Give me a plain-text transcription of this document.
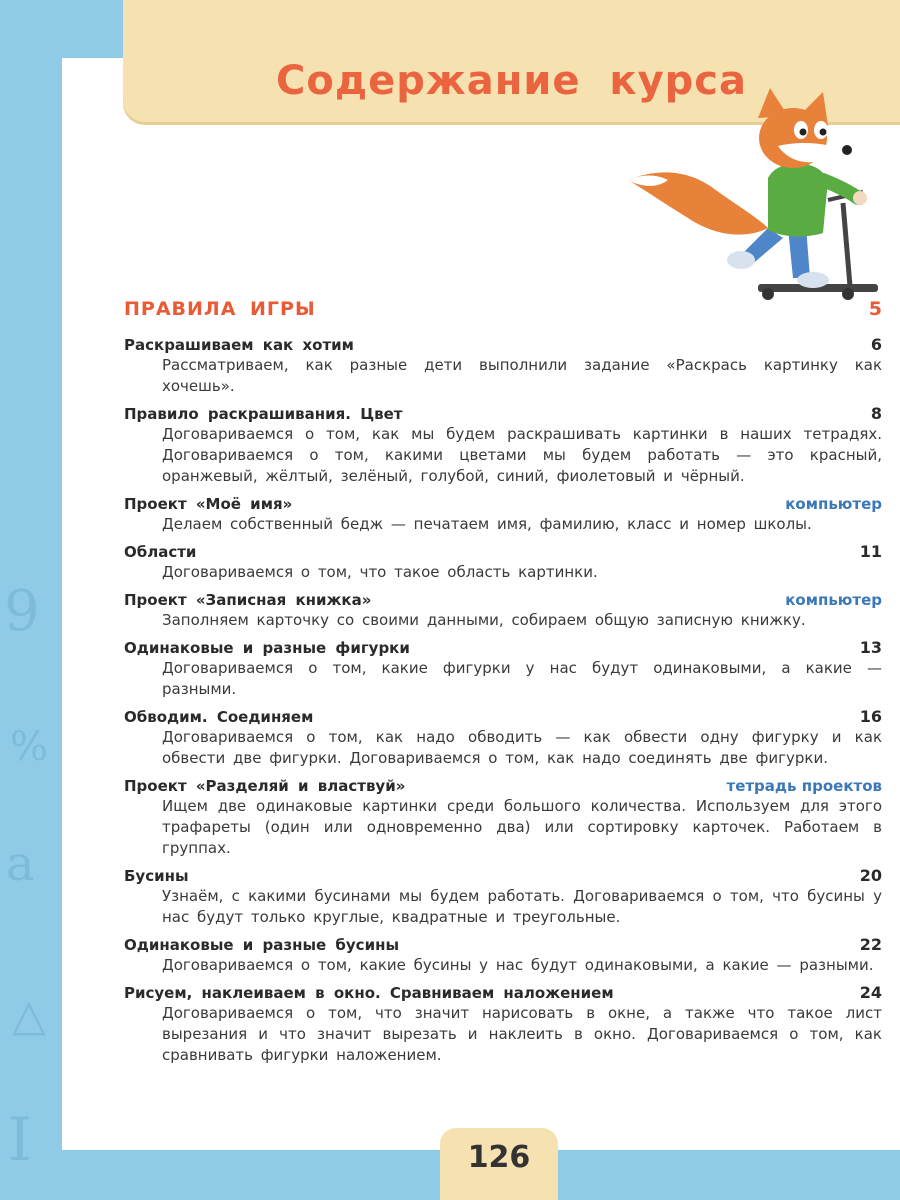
9
%
a
△
I
Содержание курса
ПРАВИЛА ИГРЫ	5
Раскрашиваем как хотим	6
Рассматриваем, как разные дети выполнили задание «Раскрась картинку как хочешь».
Правило раскрашивания. Цвет	8
Договариваемся о том, как мы будем раскрашивать картинки в наших тетрадях. Договариваемся о том, какими цветами мы будем работать — это красный, оранжевый, жёлтый, зелёный, голубой, синий, фиолетовый и чёрный.
Проект «Моё имя»	компьютер
Делаем собственный бедж — печатаем имя, фамилию, класс и номер школы.
Области	11
Договариваемся о том, что такое область картинки.
Проект «Записная книжка»	компьютер
Заполняем карточку со своими данными, собираем общую записную книжку.
Одинаковые и разные фигурки	13
Договариваемся о том, какие фигурки у нас будут одинаковыми, а какие — разными.
Обводим. Соединяем	16
Договариваемся о том, как надо обводить — как обвести одну фигурку и как обвести две фигурки. Договариваемся о том, как надо соединять две фигурки.
Проект «Разделяй и властвуй»	тетрадь проектов
Ищем две одинаковые картинки среди большого количества. Используем для этого трафареты (один или одновременно два) или сортировку карточек. Работаем в группах.
Бусины	20
Узнаём, с какими бусинами мы будем работать. Договариваемся о том, что бусины у нас будут только круглые, квадратные и треугольные.
Одинаковые и разные бусины	22
Договариваемся о том, какие бусины у нас будут одинаковыми, а какие — разными.
Рисуем, наклеиваем в окно. Сравниваем наложением	24
Договариваемся о том, что значит нарисовать в окне, а также что такое лист вырезания и что значит вырезать и наклеить в окно. Договариваемся о том, как сравнивать фигурки наложением.
126
